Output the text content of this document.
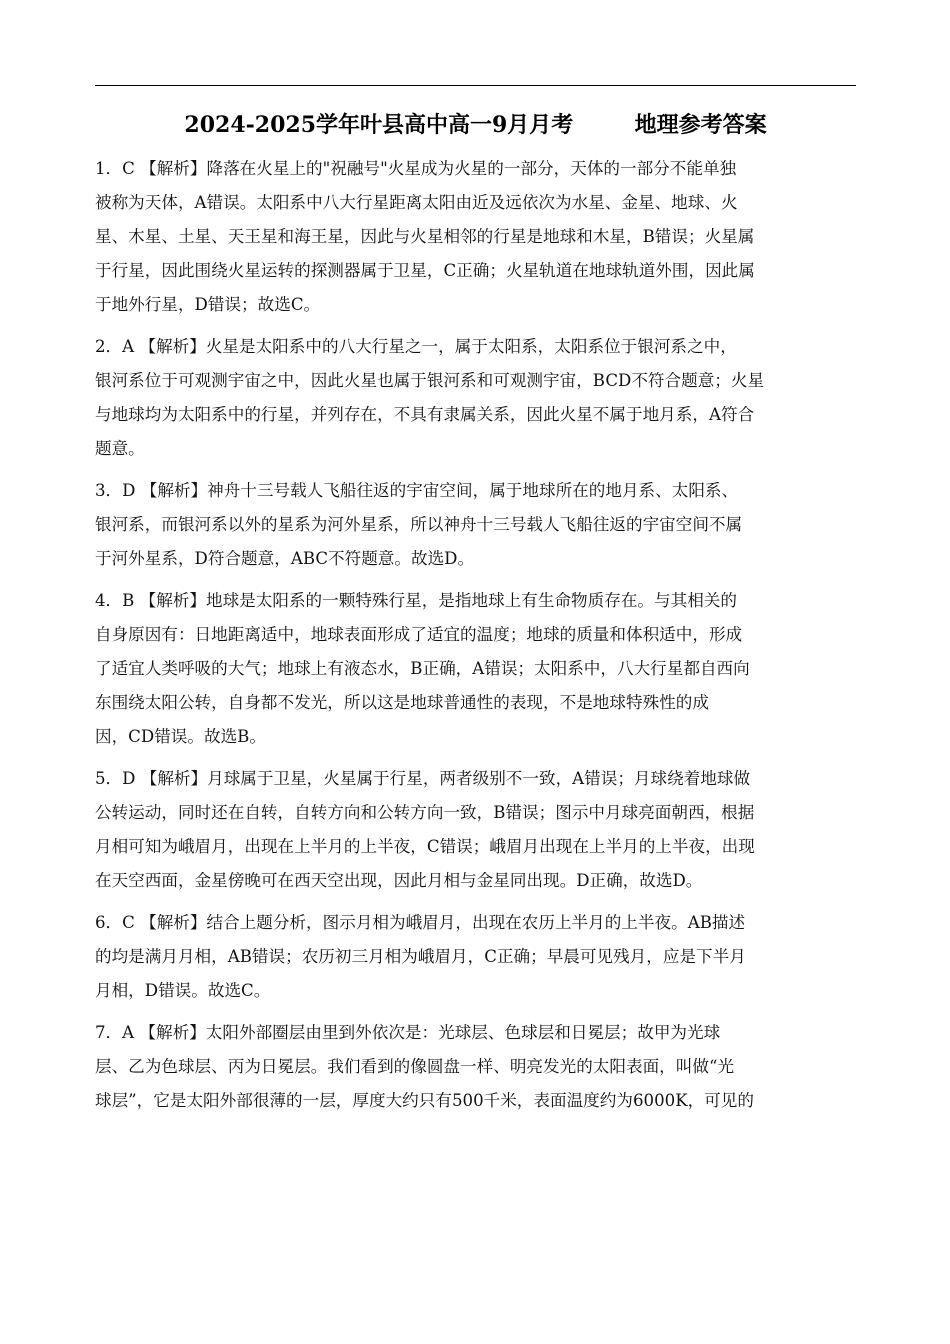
2024-2025学年叶县高中高一9月月考        地理参考答案
1．C 【解析】降落在火星上的"祝融号"火星成为火星的一部分，天体的一部分不能单独
被称为天体，A错误。太阳系中八大行星距离太阳由近及远依次为水星、金星、地球、火
星、木星、土星、天王星和海王星，因此与火星相邻的行星是地球和木星，B错误；火星属
于行星，因此围绕火星运转的探测器属于卫星，C正确；火星轨道在地球轨道外围，因此属
于地外行星，D错误；故选C。
2．A 【解析】火星是太阳系中的八大行星之一，属于太阳系，太阳系位于银河系之中，
银河系位于可观测宇宙之中，因此火星也属于银河系和可观测宇宙，BCD不符合题意；火星
与地球均为太阳系中的行星，并列存在，不具有隶属关系，因此火星不属于地月系，A符合
题意。
3．D 【解析】神舟十三号载人飞船往返的宇宙空间，属于地球所在的地月系、太阳系、
银河系，而银河系以外的星系为河外星系，所以神舟十三号载人飞船往返的宇宙空间不属
于河外星系，D符合题意，ABC不符题意。故选D。
4．B 【解析】地球是太阳系的一颗特殊行星，是指地球上有生命物质存在。与其相关的
自身原因有：日地距离适中，地球表面形成了适宜的温度；地球的质量和体积适中，形成
了适宜人类呼吸的大气；地球上有液态水，B正确，A错误；太阳系中，八大行星都自西向
东围绕太阳公转，自身都不发光，所以这是地球普通性的表现，不是地球特殊性的成
因，CD错误。故选B。
5．D 【解析】月球属于卫星，火星属于行星，两者级别不一致，A错误；月球绕着地球做
公转运动，同时还在自转，自转方向和公转方向一致，B错误；图示中月球亮面朝西，根据
月相可知为峨眉月，出现在上半月的上半夜，C错误；峨眉月出现在上半月的上半夜，出现
在天空西面，金星傍晚可在西天空出现，因此月相与金星同出现。D正确，故选D。
6．C 【解析】结合上题分析，图示月相为峨眉月，出现在农历上半月的上半夜。AB描述
的均是满月月相，AB错误；农历初三月相为峨眉月，C正确；早晨可见残月，应是下半月
月相，D错误。故选C。
7．A 【解析】太阳外部圈层由里到外依次是：光球层、色球层和日冕层；故甲为光球
层、乙为色球层、丙为日冕层。我们看到的像圆盘一样、明亮发光的太阳表面，叫做“光
球层”，它是太阳外部很薄的一层，厚度大约只有500千米，表面温度约为6000K，可见的
